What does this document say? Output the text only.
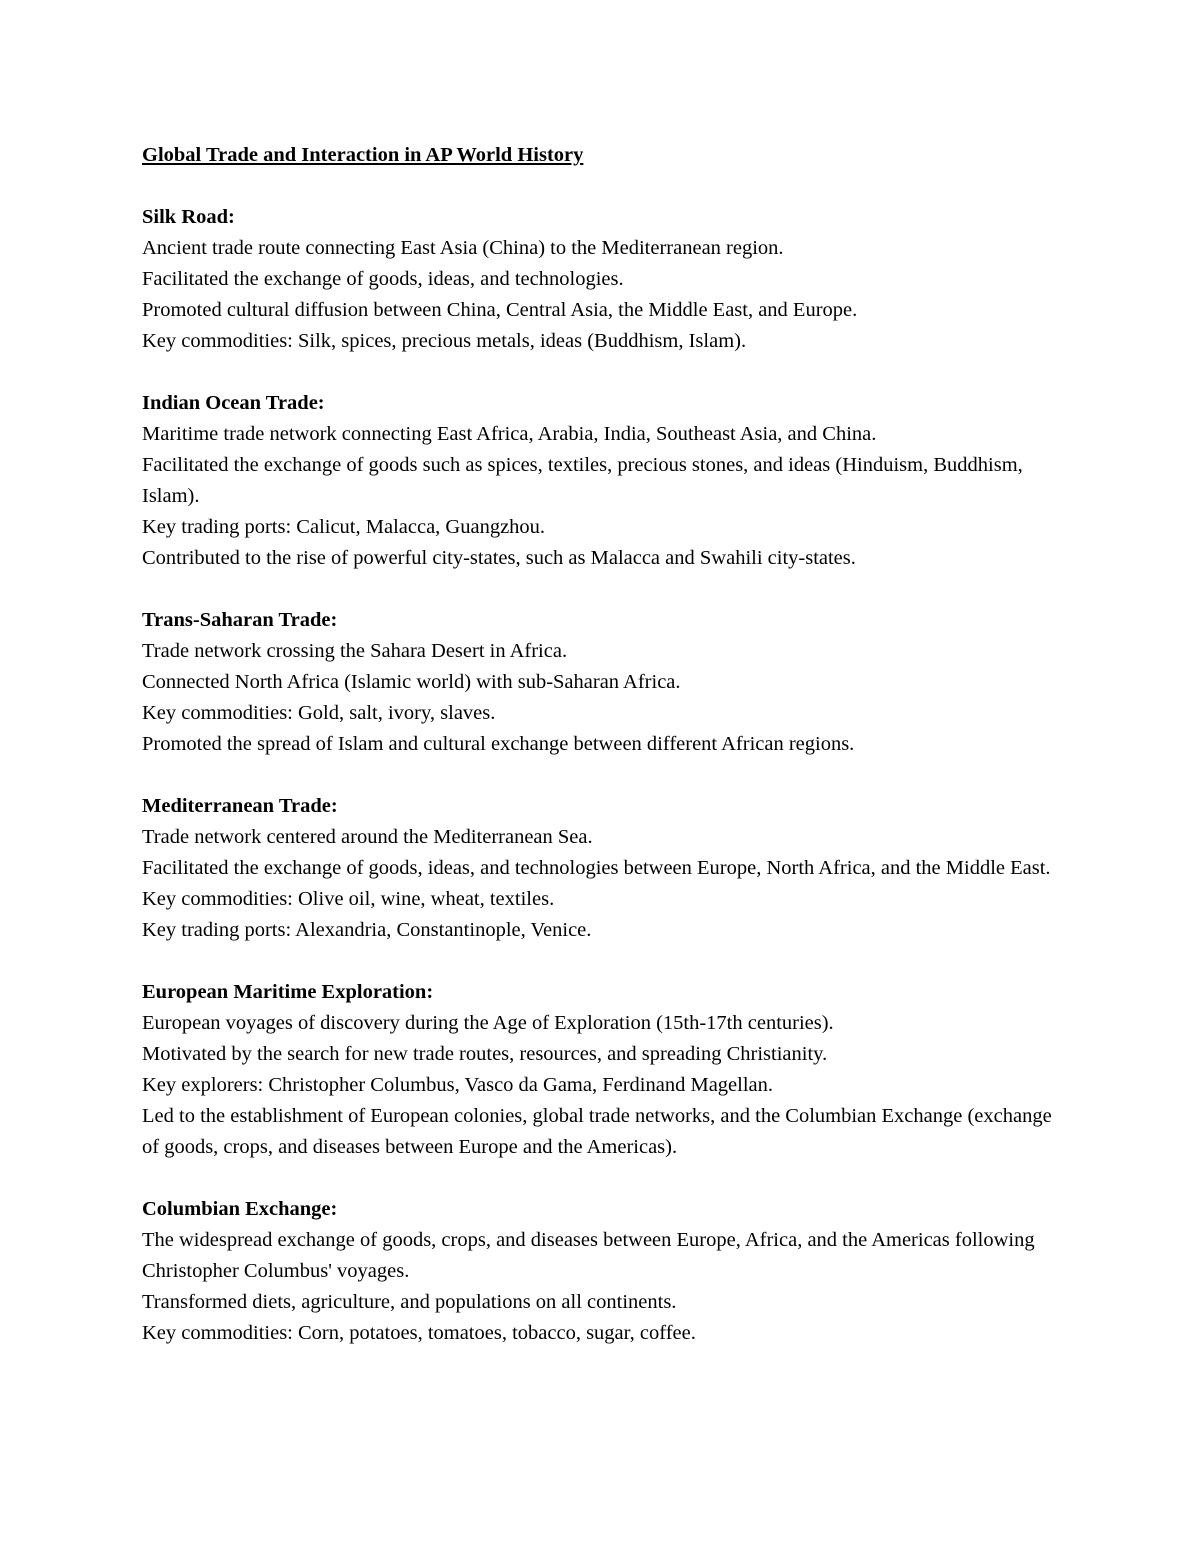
Global Trade and Interaction in AP World History
Silk Road:
Ancient trade route connecting East Asia (China) to the Mediterranean region.
Facilitated the exchange of goods, ideas, and technologies.
Promoted cultural diffusion between China, Central Asia, the Middle East, and Europe.
Key commodities: Silk, spices, precious metals, ideas (Buddhism, Islam).
Indian Ocean Trade:
Maritime trade network connecting East Africa, Arabia, India, Southeast Asia, and China.
Facilitated the exchange of goods such as spices, textiles, precious stones, and ideas (Hinduism, Buddhism, Islam).
Key trading ports: Calicut, Malacca, Guangzhou.
Contributed to the rise of powerful city-states, such as Malacca and Swahili city-states.
Trans-Saharan Trade:
Trade network crossing the Sahara Desert in Africa.
Connected North Africa (Islamic world) with sub-Saharan Africa.
Key commodities: Gold, salt, ivory, slaves.
Promoted the spread of Islam and cultural exchange between different African regions.
Mediterranean Trade:
Trade network centered around the Mediterranean Sea.
Facilitated the exchange of goods, ideas, and technologies between Europe, North Africa, and the Middle East.
Key commodities: Olive oil, wine, wheat, textiles.
Key trading ports: Alexandria, Constantinople, Venice.
European Maritime Exploration:
European voyages of discovery during the Age of Exploration (15th-17th centuries).
Motivated by the search for new trade routes, resources, and spreading Christianity.
Key explorers: Christopher Columbus, Vasco da Gama, Ferdinand Magellan.
Led to the establishment of European colonies, global trade networks, and the Columbian Exchange (exchange of goods, crops, and diseases between Europe and the Americas).
Columbian Exchange:
The widespread exchange of goods, crops, and diseases between Europe, Africa, and the Americas following Christopher Columbus' voyages.
Transformed diets, agriculture, and populations on all continents.
Key commodities: Corn, potatoes, tomatoes, tobacco, sugar, coffee.
